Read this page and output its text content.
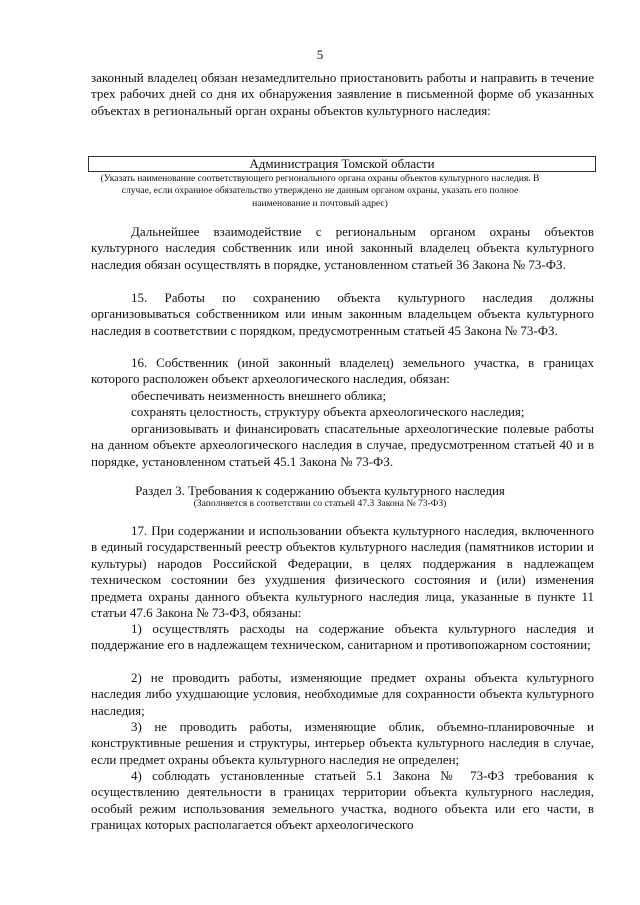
5

законный владелец обязан незамедлительно приостановить работы и направить в течение трех рабочих дней со дня их обнаружения заявление в письменной форме об указанных объектах в региональный орган охраны объектов культурного наследия:

Администрация Томской области

(Указать наименование соответствующего регионального органа охраны объектов культурного наследия. В случае, если охранное обязательство утверждено не данным органом охраны, указать его полное наименование и почтовый адрес)

Дальнейшее взаимодействие с региональным органом охраны объектов культурного наследия собственник или иной законный владелец объекта культурного наследия обязан осуществлять в порядке, установленном статьей 36 Закона № 73-ФЗ.

15. Работы по сохранению объекта культурного наследия должны организовываться собственником или иным законным владельцем объекта культурного наследия в соответствии с порядком, предусмотренным статьей 45 Закона № 73-ФЗ.

16. Собственник (иной законный владелец) земельного участка, в границах которого расположен объект археологического наследия, обязан:

обеспечивать неизменность внешнего облика;

сохранять целостность, структуру объекта археологического наследия;

организовывать и финансировать спасательные археологические полевые работы на данном объекте археологического наследия в случае, предусмотренном статьей 40 и в порядке, установленном статьей 45.1 Закона № 73-ФЗ.

Раздел 3. Требования к содержанию объекта культурного наследия

(Заполняется в соответствии со статьей 47.3 Закона № 73-ФЗ)

17. При содержании и использовании объекта культурного наследия, включенного в единый государственный реестр объектов культурного наследия (памятников истории и культуры) народов Российской Федерации, в целях поддержания в надлежащем техническом состоянии без ухудшения физического состояния и (или) изменения предмета охраны данного объекта культурного наследия лица, указанные в пункте 11 статьи 47.6 Закона № 73-ФЗ, обязаны:

1) осуществлять расходы на содержание объекта культурного наследия и поддержание его в надлежащем техническом, санитарном и противопожарном состоянии;

2) не проводить работы, изменяющие предмет охраны объекта культурного наследия либо ухудшающие условия, необходимые для сохранности объекта культурного наследия;

3) не проводить работы, изменяющие облик, объемно-планировочные и конструктивные решения и структуры, интерьер объекта культурного наследия в случае, если предмет охраны объекта культурного наследия не определен;

4) соблюдать установленные статьей 5.1 Закона № 73-ФЗ требования к осуществлению деятельности в границах территории объекта культурного наследия, особый режим использования земельного участка, водного объекта или его части, в границах которых располагается объект археологического
